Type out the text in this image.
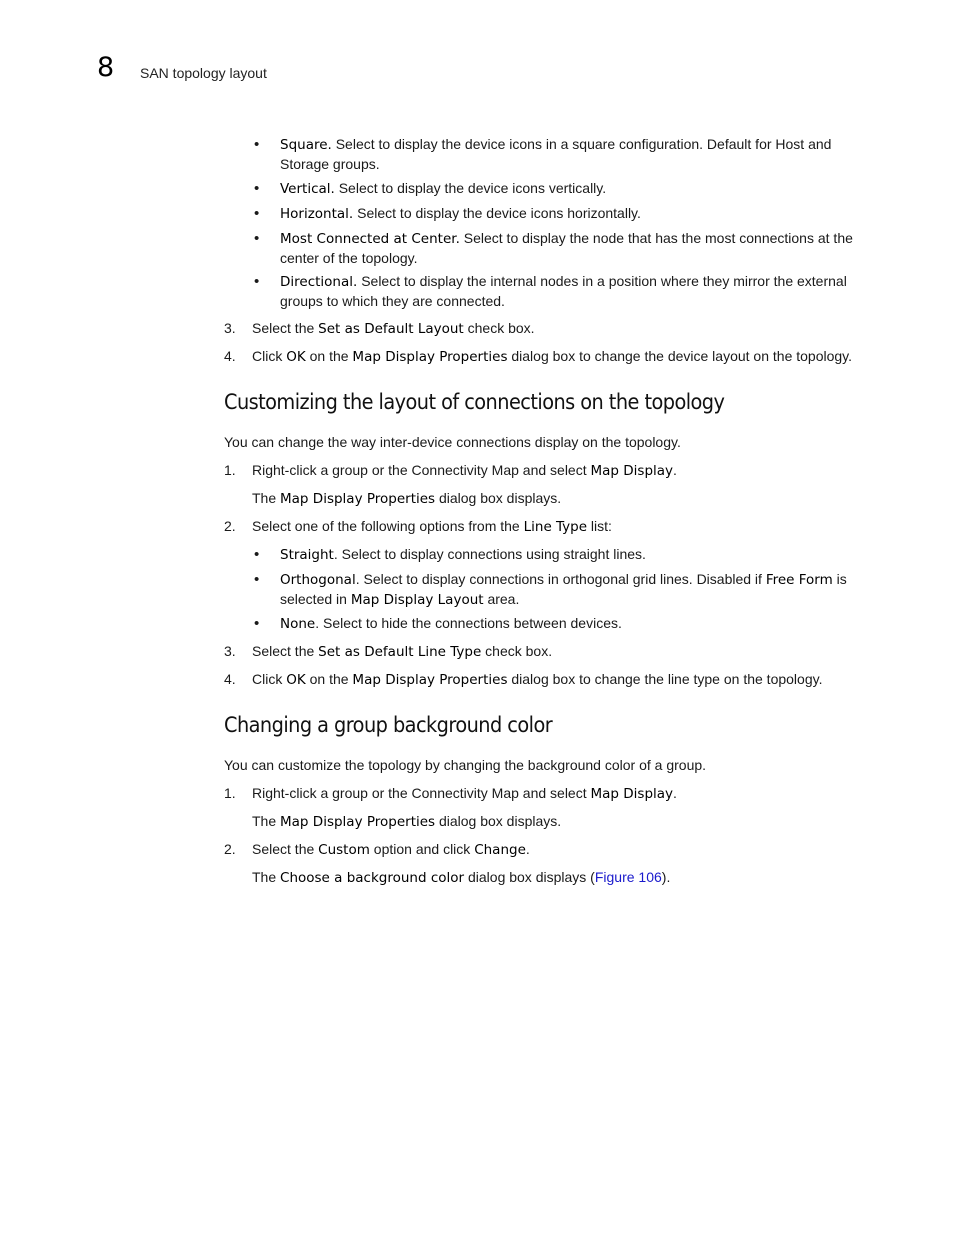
8 SAN topology layout
• Square. Select to display the device icons in a square configuration. Default for Host and Storage groups.
• Vertical. Select to display the device icons vertically.
• Horizontal. Select to display the device icons horizontally.
• Most Connected at Center. Select to display the node that has the most connections at the center of the topology.
• Directional. Select to display the internal nodes in a position where they mirror the external groups to which they are connected.
3. Select the Set as Default Layout check box.
4. Click OK on the Map Display Properties dialog box to change the device layout on the topology.
Customizing the layout of connections on the topology
You can change the way inter-device connections display on the topology.
1. Right-click a group or the Connectivity Map and select Map Display.
The Map Display Properties dialog box displays.
2. Select one of the following options from the Line Type list:
• Straight. Select to display connections using straight lines.
• Orthogonal. Select to display connections in orthogonal grid lines. Disabled if Free Form is selected in Map Display Layout area.
• None. Select to hide the connections between devices.
3. Select the Set as Default Line Type check box.
4. Click OK on the Map Display Properties dialog box to change the line type on the topology.
Changing a group background color
You can customize the topology by changing the background color of a group.
1. Right-click a group or the Connectivity Map and select Map Display.
The Map Display Properties dialog box displays.
2. Select the Custom option and click Change.
The Choose a background color dialog box displays (Figure 106).
